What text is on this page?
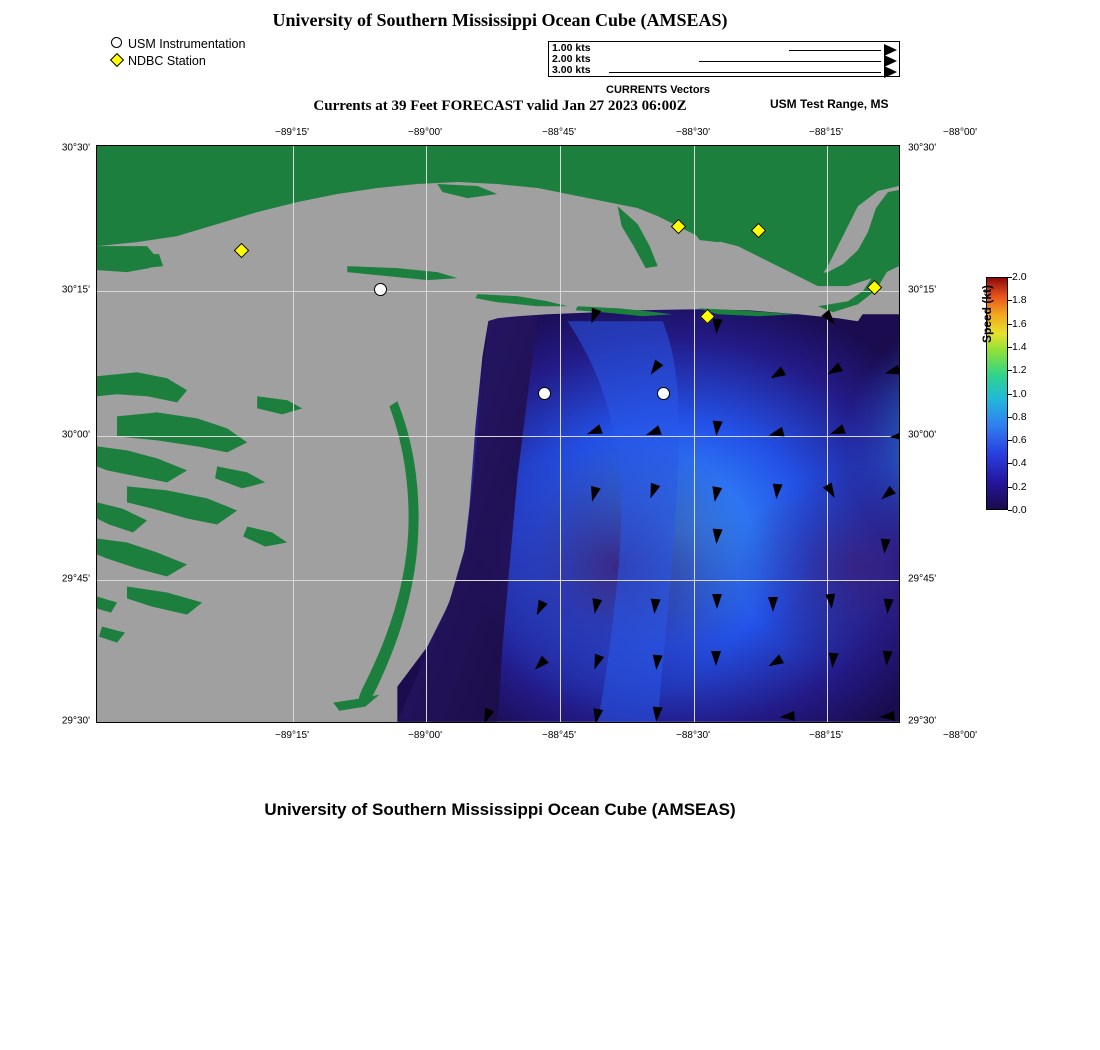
University of Southern Mississippi Ocean Cube (AMSEAS)
USM Instrumentation
NDBC Station
1.00 kts
2.00 kts
3.00 kts
CURRENTS Vectors
Currents at 39 Feet FORECAST valid Jan 27 2023 06:00Z	USM Test Range, MS
−89°15'
−89°15'
−89°00'
−89°00'
−88°45'
−88°45'
−88°30'
−88°30'
−88°15'
−88°15'
−88°00'
−88°00'
30°30'	30°30'
30°15'	30°15'
30°00'	30°00'
29°45'	29°45'
29°30'	29°30'
2.0
1.8
1.6
1.4
1.2
1.0
0.8
0.6
0.4
0.2
0.0
Speed (kt)
University of Southern Mississippi Ocean Cube (AMSEAS)
